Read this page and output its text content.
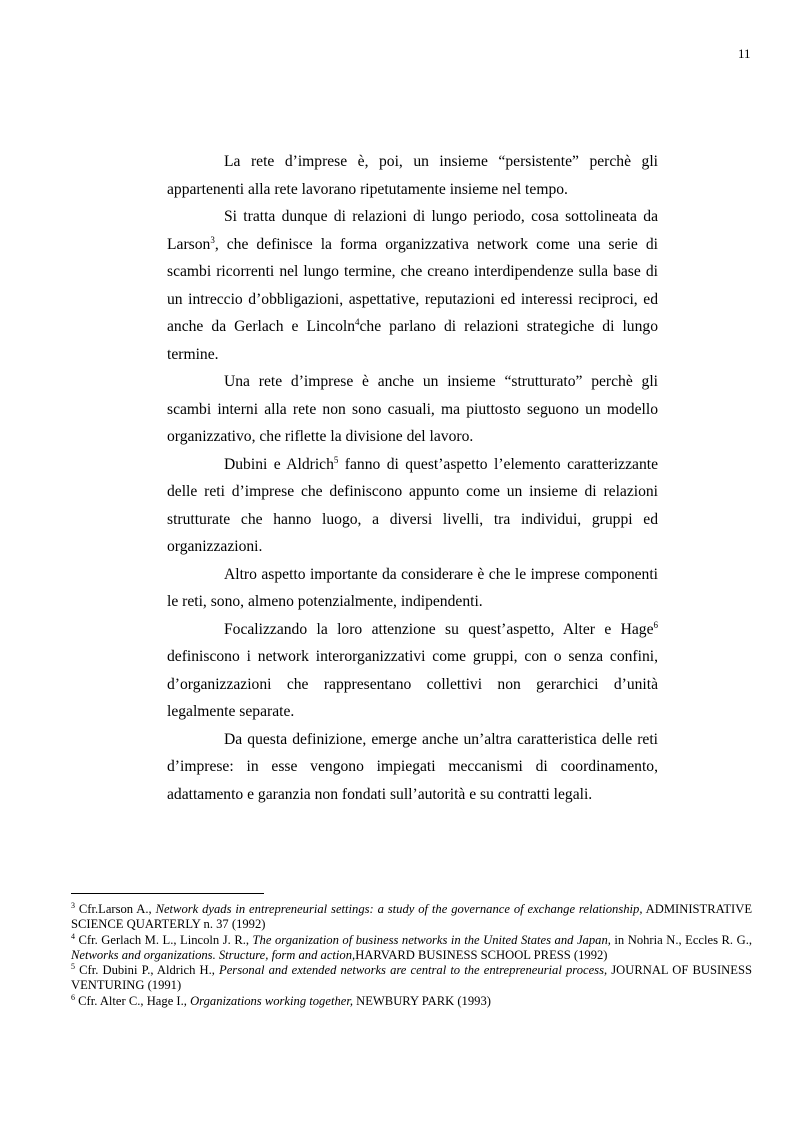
11

La rete d’imprese è, poi, un insieme “persistente” perchè gli appartenenti alla rete lavorano ripetutamente insieme nel tempo.

Si tratta dunque di relazioni di lungo periodo, cosa sottolineata da Larson$^3$, che definisce la forma organizzativa network come una serie di scambi ricorrenti nel lungo termine, che creano interdipendenze sulla base di un intreccio d’obbligazioni, aspettative, reputazioni ed interessi reciproci, ed anche da Gerlach e Lincoln$^4$che parlano di relazioni strategiche di lungo termine.

Una rete d’imprese è anche un insieme “strutturato” perchè gli scambi interni alla rete non sono casuali, ma piuttosto seguono un modello organizzativo, che riflette la divisione del lavoro.

Dubini e Aldrich$^5$ fanno di quest’aspetto l’elemento caratterizzante delle reti d’imprese che definiscono appunto come un insieme di relazioni strutturate che hanno luogo, a diversi livelli, tra individui, gruppi ed organizzazioni.

Altro aspetto importante da considerare è che le imprese componenti le reti, sono, almeno potenzialmente, indipendenti.

Focalizzando la loro attenzione su quest’aspetto, Alter e Hage$^6$ definiscono i network interorganizzativi come gruppi, con o senza confini, d’organizzazioni che rappresentano collettivi non gerarchici d’unità legalmente separate.

Da questa definizione, emerge anche un’altra caratteristica delle reti d’imprese: in esse vengono impiegati meccanismi di coordinamento, adattamento e garanzia non fondati sull’autorità e su contratti legali.

$^3$ Cfr.Larson A., Network dyads in entrepreneurial settings: a study of the governance of exchange relationship, ADMINISTRATIVE SCIENCE QUARTERLY n. 37 (1992)

$^4$ Cfr. Gerlach M. L., Lincoln J. R., The organization of business networks in the United States and Japan, in Nohria N., Eccles R. G., Networks and organizations. Structure, form and action,HARVARD BUSINESS SCHOOL PRESS (1992)

$^5$ Cfr. Dubini P., Aldrich H., Personal and extended networks are central to the entrepreneurial process, JOURNAL OF BUSINESS VENTURING (1991)

$^6$ Cfr. Alter C., Hage I., Organizations working together, NEWBURY PARK (1993)
